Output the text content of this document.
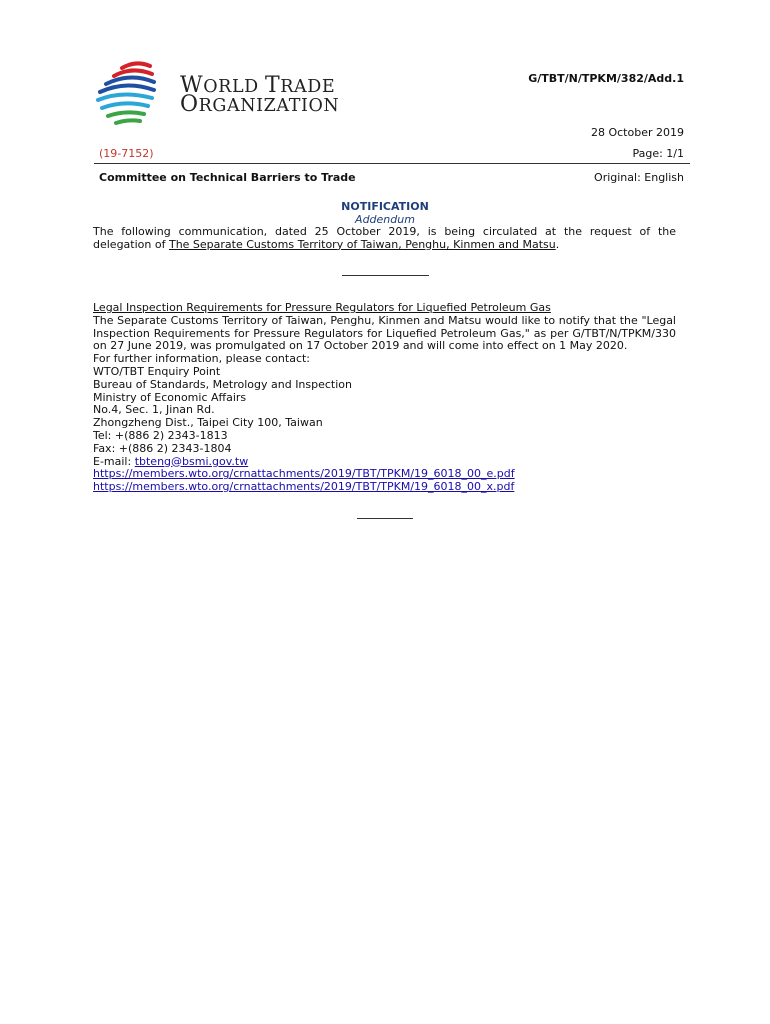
WORLD TRADE
ORGANIZATION
G/TBT/N/TPKM/382/Add.1
28 October 2019
(19-7152)	Page: 1/1
Committee on Technical Barriers to Trade	Original: English
NOTIFICATION
Addendum
The following communication, dated 25 October 2019, is being circulated at the request of the delegation of The Separate Customs Territory of Taiwan, Penghu, Kinmen and Matsu.
Legal Inspection Requirements for Pressure Regulators for Liquefied Petroleum Gas
The Separate Customs Territory of Taiwan, Penghu, Kinmen and Matsu would like to notify that the "Legal Inspection Requirements for Pressure Regulators for Liquefied Petroleum Gas," as per G/TBT/N/TPKM/330 on 27 June 2019, was promulgated on 17 October 2019 and will come into effect on 1 May 2020.
For further information, please contact:
WTO/TBT Enquiry Point
Bureau of Standards, Metrology and Inspection
Ministry of Economic Affairs
No.4, Sec. 1, Jinan Rd.
Zhongzheng Dist., Taipei City 100, Taiwan
Tel: +(886 2) 2343-1813
Fax: +(886 2) 2343-1804
E-mail: tbteng@bsmi.gov.tw
https://members.wto.org/crnattachments/2019/TBT/TPKM/19_6018_00_e.pdf
https://members.wto.org/crnattachments/2019/TBT/TPKM/19_6018_00_x.pdf
